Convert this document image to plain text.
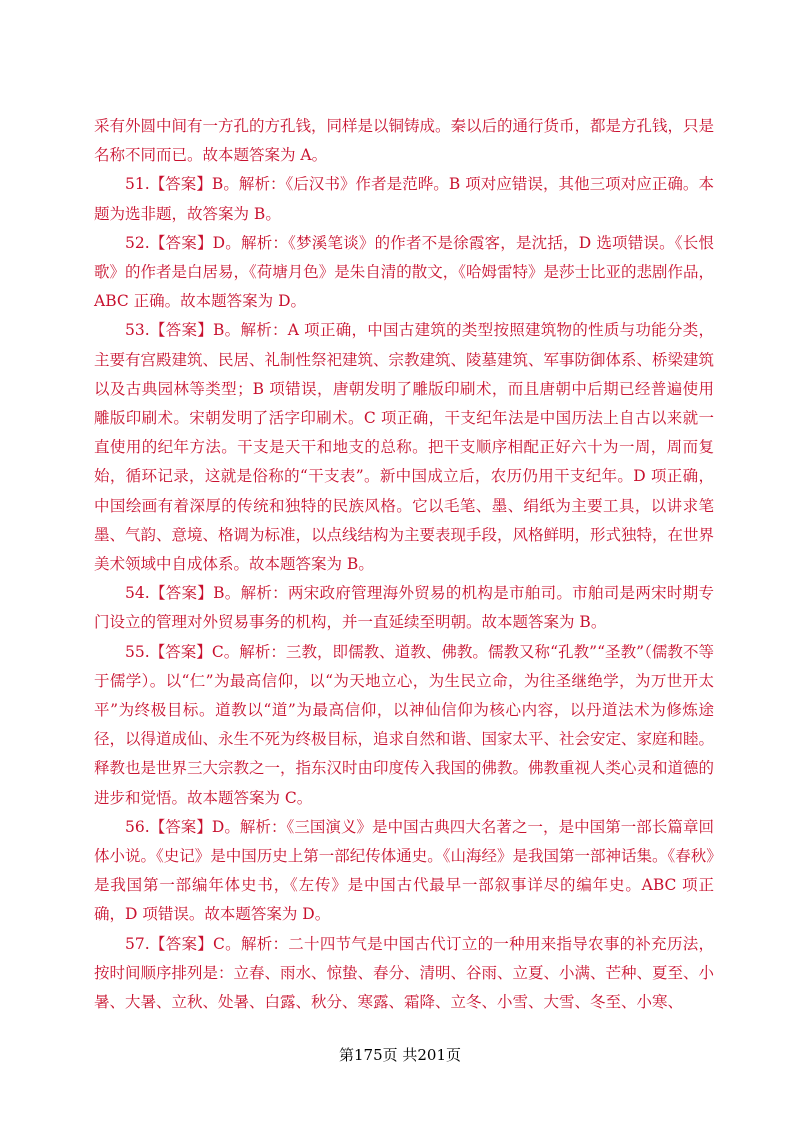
采有外圆中间有一方孔的方孔钱，同样是以铜铸成。秦以后的通行货币，都是方孔钱，只是名称不同而已。故本题答案为 A。

51.【答案】B。解析：《后汉书》作者是范晔。B 项对应错误，其他三项对应正确。本题为选非题，故答案为 B。

52.【答案】D。解析：《梦溪笔谈》的作者不是徐霞客，是沈括，D 选项错误。《长恨歌》的作者是白居易，《荷塘月色》是朱自清的散文，《哈姆雷特》是莎士比亚的悲剧作品，ABC 正确。故本题答案为 D。

53.【答案】B。解析：A 项正确，中国古建筑的类型按照建筑物的性质与功能分类，主要有宫殿建筑、民居、礼制性祭祀建筑、宗教建筑、陵墓建筑、军事防御体系、桥梁建筑以及古典园林等类型；B 项错误，唐朝发明了雕版印刷术，而且唐朝中后期已经普遍使用雕版印刷术。宋朝发明了活字印刷术。C 项正确，干支纪年法是中国历法上自古以来就一直使用的纪年方法。干支是天干和地支的总称。把干支顺序相配正好六十为一周，周而复始，循环记录，这就是俗称的“干支表”。新中国成立后，农历仍用干支纪年。D 项正确，中国绘画有着深厚的传统和独特的民族风格。它以毛笔、墨、绢纸为主要工具，以讲求笔墨、气韵、意境、格调为标准，以点线结构为主要表现手段，风格鲜明，形式独特，在世界美术领域中自成体系。故本题答案为 B。

54.【答案】B。解析：两宋政府管理海外贸易的机构是市舶司。市舶司是两宋时期专门设立的管理对外贸易事务的机构，并一直延续至明朝。故本题答案为 B。

55.【答案】C。解析：三教，即儒教、道教、佛教。儒教又称“孔教”“圣教”（儒教不等于儒学）。以“仁”为最高信仰，以“为天地立心，为生民立命，为往圣继绝学，为万世开太平”为终极目标。道教以“道”为最高信仰，以神仙信仰为核心内容，以丹道法术为修炼途径，以得道成仙、永生不死为终极目标，追求自然和谐、国家太平、社会安定、家庭和睦。释教也是世界三大宗教之一，指东汉时由印度传入我国的佛教。佛教重视人类心灵和道德的进步和觉悟。故本题答案为 C。

56.【答案】D。解析：《三国演义》是中国古典四大名著之一，是中国第一部长篇章回体小说。《史记》是中国历史上第一部纪传体通史。《山海经》是我国第一部神话集。《春秋》是我国第一部编年体史书，《左传》是中国古代最早一部叙事详尽的编年史。ABC 项正确，D 项错误。故本题答案为 D。

57.【答案】C。解析：二十四节气是中国古代订立的一种用来指导农事的补充历法，按时间顺序排列是：立春、雨水、惊蛰、春分、清明、谷雨、立夏、小满、芒种、夏至、小暑、大暑、立秋、处暑、白露、秋分、寒露、霜降、立冬、小雪、大雪、冬至、小寒、

第175页 共201页
